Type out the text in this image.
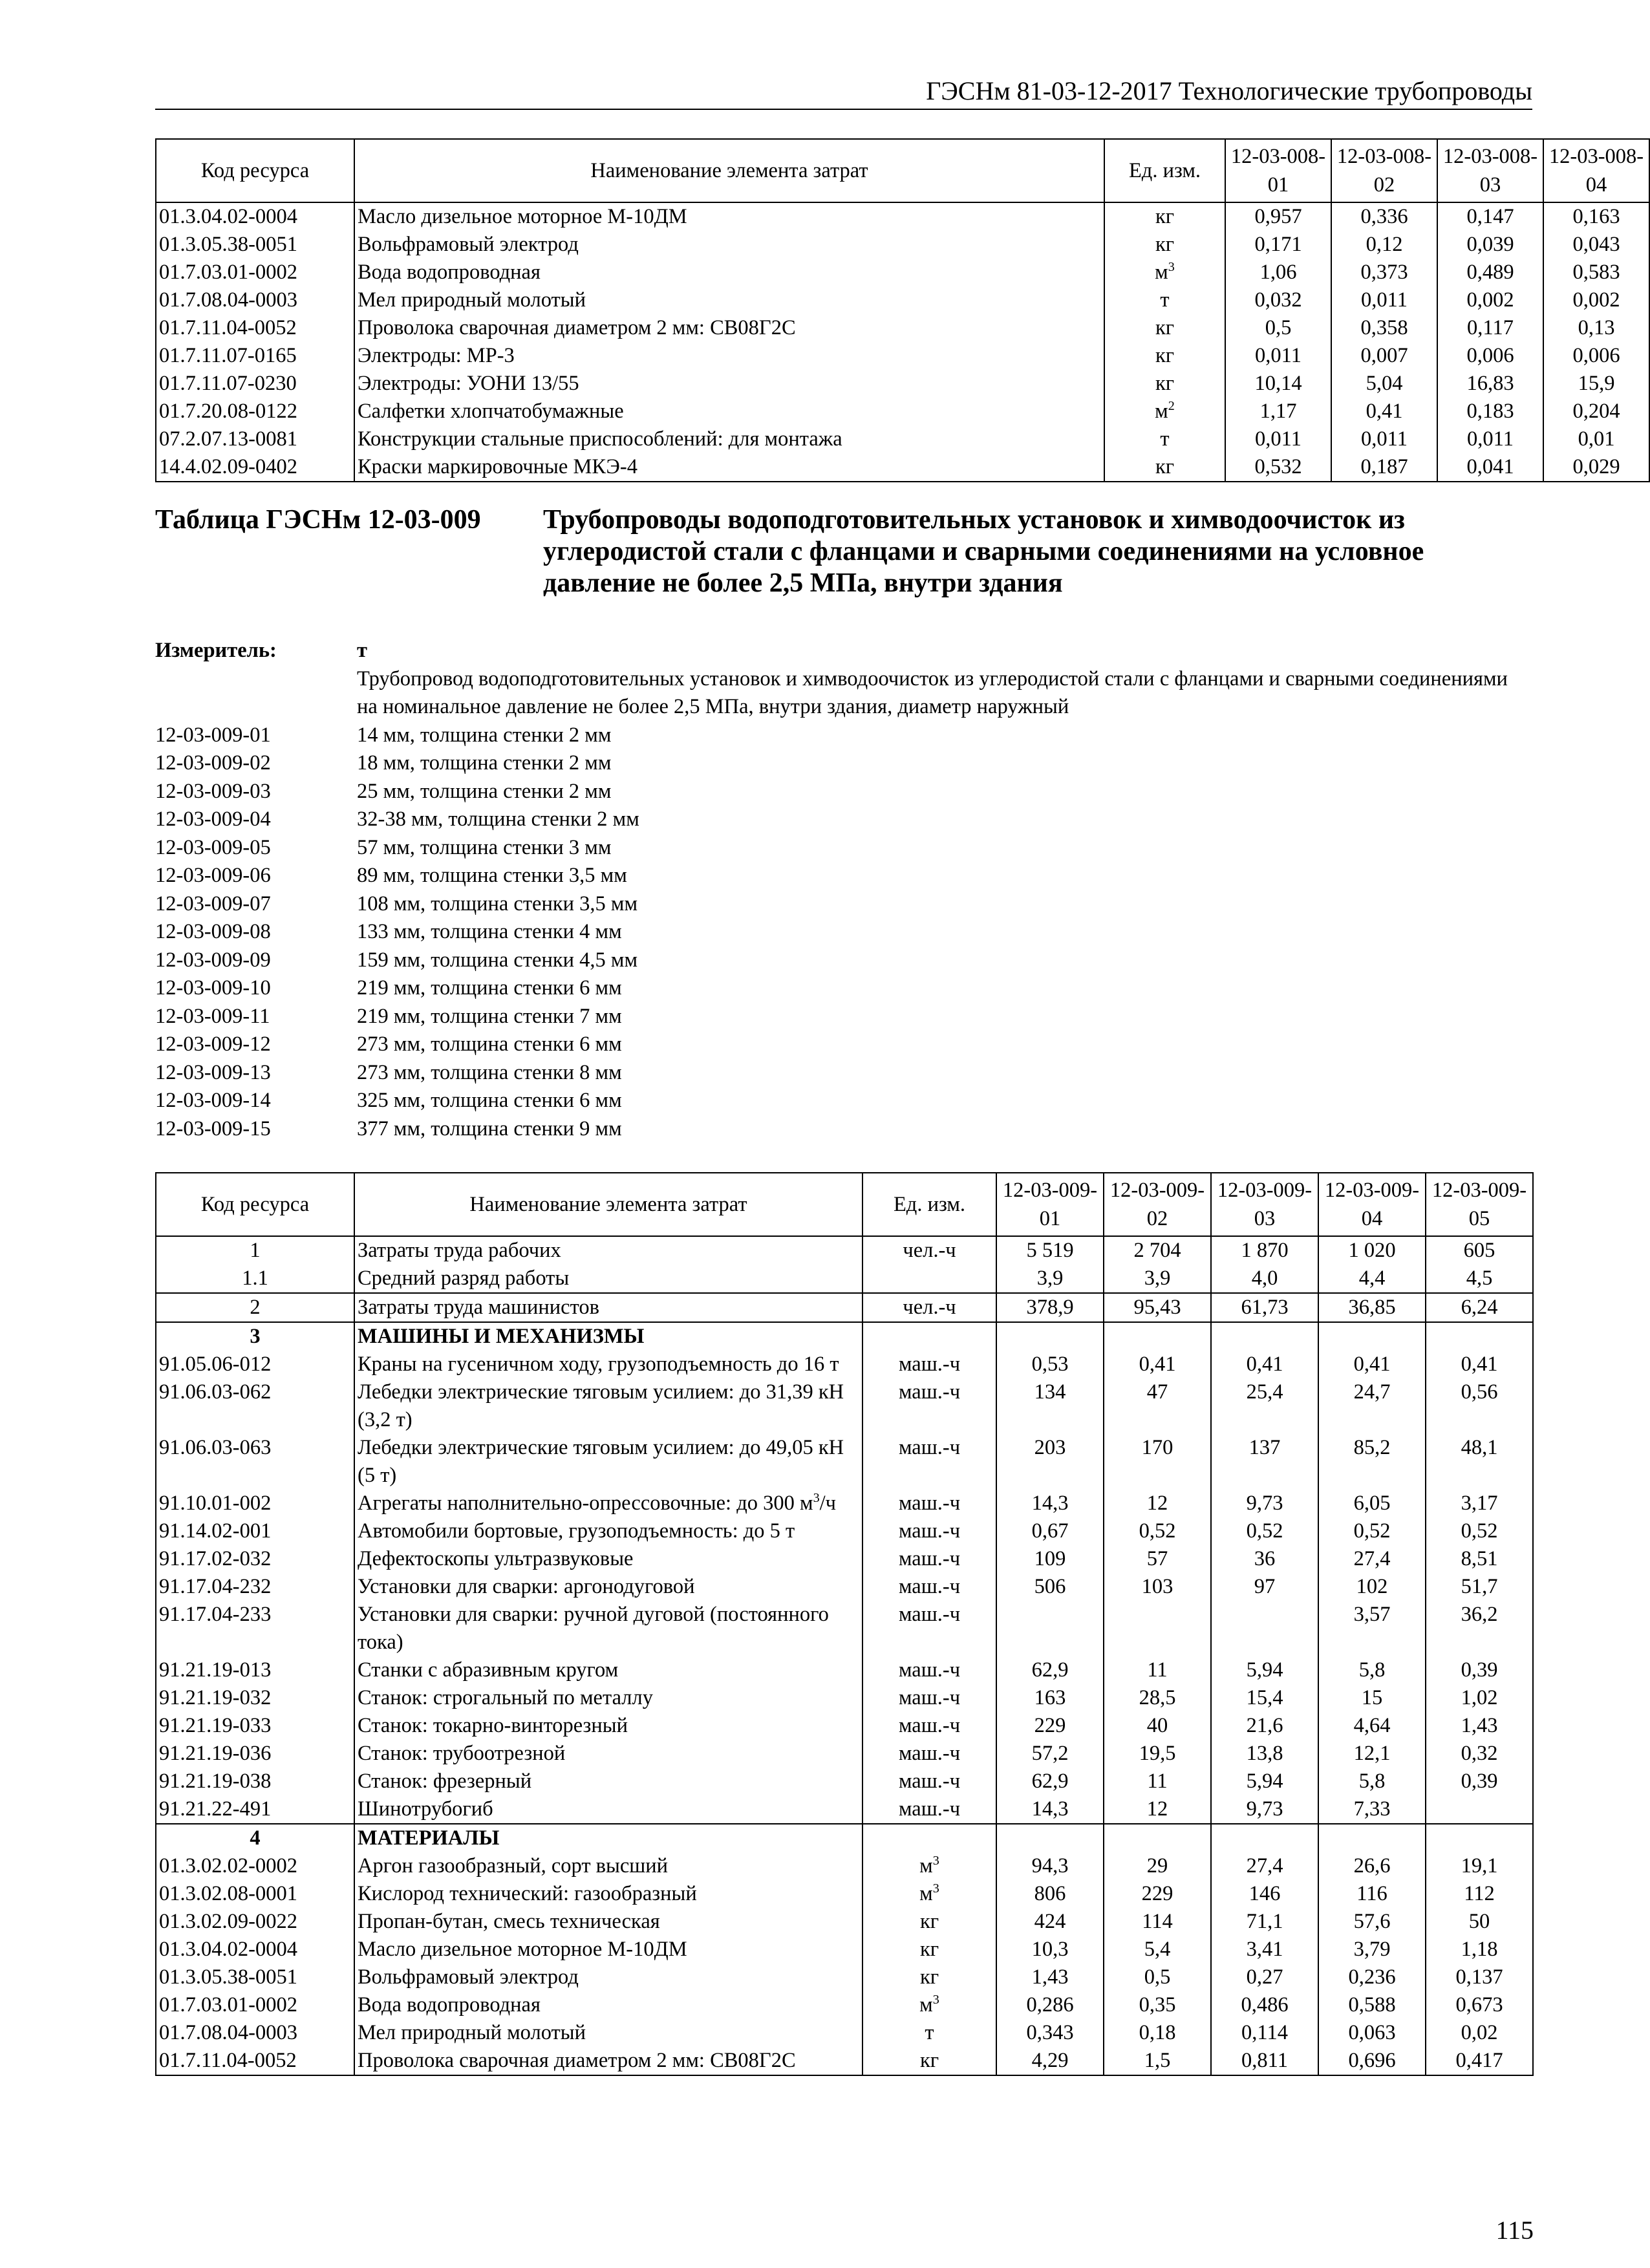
ГЭСНм 81-03-12-2017 Технологические трубопроводы
Код ресурса	Наименование элемента затрат	Ед. изм.	12-03-008-01	12-03-008-02	12-03-008-03	12-03-008-04
01.3.04.02-0004	Масло дизельное моторное М-10ДМ	кг	0,957	0,336	0,147	0,163
01.3.05.38-0051	Вольфрамовый электрод	кг	0,171	0,12	0,039	0,043
01.7.03.01-0002	Вода водопроводная	$м^3$	1,06	0,373	0,489	0,583
01.7.08.04-0003	Мел природный молотый	т	0,032	0,011	0,002	0,002
01.7.11.04-0052	Проволока сварочная диаметром 2 мм: СВ08Г2С	кг	0,5	0,358	0,117	0,13
01.7.11.07-0165	Электроды: МР-3	кг	0,011	0,007	0,006	0,006
01.7.11.07-0230	Электроды: УОНИ 13/55	кг	10,14	5,04	16,83	15,9
01.7.20.08-0122	Салфетки хлопчатобумажные	$м^2$	1,17	0,41	0,183	0,204
07.2.07.13-0081	Конструкции стальные приспособлений: для монтажа	т	0,011	0,011	0,011	0,01
14.4.02.09-0402	Краски маркировочные МКЭ-4	кг	0,532	0,187	0,041	0,029
Таблица ГЭСНм 12-03-009 Трубопроводы водоподготовительных установок и химводоочисток из углеродистой стали с фланцами и сварными соединениями на условное давление не более 2,5 МПа, внутри здания
Измеритель:	т
Трубопровод водоподготовительных установок и химводоочисток из углеродистой стали с фланцами и сварными соединениями на номинальное давление не более 2,5 МПа, внутри здания, диаметр наружный
12-03-009-01	14 мм, толщина стенки 2 мм
12-03-009-02	18 мм, толщина стенки 2 мм
12-03-009-03	25 мм, толщина стенки 2 мм
12-03-009-04	32-38 мм, толщина стенки 2 мм
12-03-009-05	57 мм, толщина стенки 3 мм
12-03-009-06	89 мм, толщина стенки 3,5 мм
12-03-009-07	108 мм, толщина стенки 3,5 мм
12-03-009-08	133 мм, толщина стенки 4 мм
12-03-009-09	159 мм, толщина стенки 4,5 мм
12-03-009-10	219 мм, толщина стенки 6 мм
12-03-009-11	219 мм, толщина стенки 7 мм
12-03-009-12	273 мм, толщина стенки 6 мм
12-03-009-13	273 мм, толщина стенки 8 мм
12-03-009-14	325 мм, толщина стенки 6 мм
12-03-009-15	377 мм, толщина стенки 9 мм
Код ресурса	Наименование элемента затрат	Ед. изм.	12-03-009-01	12-03-009-02	12-03-009-03	12-03-009-04	12-03-009-05
1	Затраты труда рабочих	чел.-ч	5 519	2 704	1 870	1 020	605
1.1	Средний разряд работы		3,9	3,9	4,0	4,4	4,5
2	Затраты труда машинистов	чел.-ч	378,9	95,43	61,73	36,85	6,24
3	МАШИНЫ И МЕХАНИЗМЫ						
91.05.06-012	Краны на гусеничном ходу, грузоподъемность до 16 т	маш.-ч	0,53	0,41	0,41	0,41	0,41
91.06.03-062	Лебедки электрические тяговым усилием: до 31,39 кН (3,2 т)	маш.-ч	134	47	25,4	24,7	0,56
91.06.03-063	Лебедки электрические тяговым усилием: до 49,05 кН (5 т)	маш.-ч	203	170	137	85,2	48,1
91.10.01-002	Агрегаты наполнительно-опрессовочные: до 300 $м^3/ч$	маш.-ч	14,3	12	9,73	6,05	3,17
91.14.02-001	Автомобили бортовые, грузоподъемность: до 5 т	маш.-ч	0,67	0,52	0,52	0,52	0,52
91.17.02-032	Дефектоскопы ультразвуковые	маш.-ч	109	57	36	27,4	8,51
91.17.04-232	Установки для сварки: аргонодуговой	маш.-ч	506	103	97	102	51,7
91.17.04-233	Установки для сварки: ручной дуговой (постоянного тока)	маш.-ч				3,57	36,2
91.21.19-013	Станки с абразивным кругом	маш.-ч	62,9	11	5,94	5,8	0,39
91.21.19-032	Станок: строгальный по металлу	маш.-ч	163	28,5	15,4	15	1,02
91.21.19-033	Станок: токарно-винторезный	маш.-ч	229	40	21,6	4,64	1,43
91.21.19-036	Станок: трубоотрезной	маш.-ч	57,2	19,5	13,8	12,1	0,32
91.21.19-038	Станок: фрезерный	маш.-ч	62,9	11	5,94	5,8	0,39
91.21.22-491	Шинотрубогиб	маш.-ч	14,3	12	9,73	7,33	
4	МАТЕРИАЛЫ						
01.3.02.02-0002	Аргон газообразный, сорт высший	$м^3$	94,3	29	27,4	26,6	19,1
01.3.02.08-0001	Кислород технический: газообразный	$м^3$	806	229	146	116	112
01.3.02.09-0022	Пропан-бутан, смесь техническая	кг	424	114	71,1	57,6	50
01.3.04.02-0004	Масло дизельное моторное М-10ДМ	кг	10,3	5,4	3,41	3,79	1,18
01.3.05.38-0051	Вольфрамовый электрод	кг	1,43	0,5	0,27	0,236	0,137
01.7.03.01-0002	Вода водопроводная	$м^3$	0,286	0,35	0,486	0,588	0,673
01.7.08.04-0003	Мел природный молотый	т	0,343	0,18	0,114	0,063	0,02
01.7.11.04-0052	Проволока сварочная диаметром 2 мм: СВ08Г2С	кг	4,29	1,5	0,811	0,696	0,417
115
